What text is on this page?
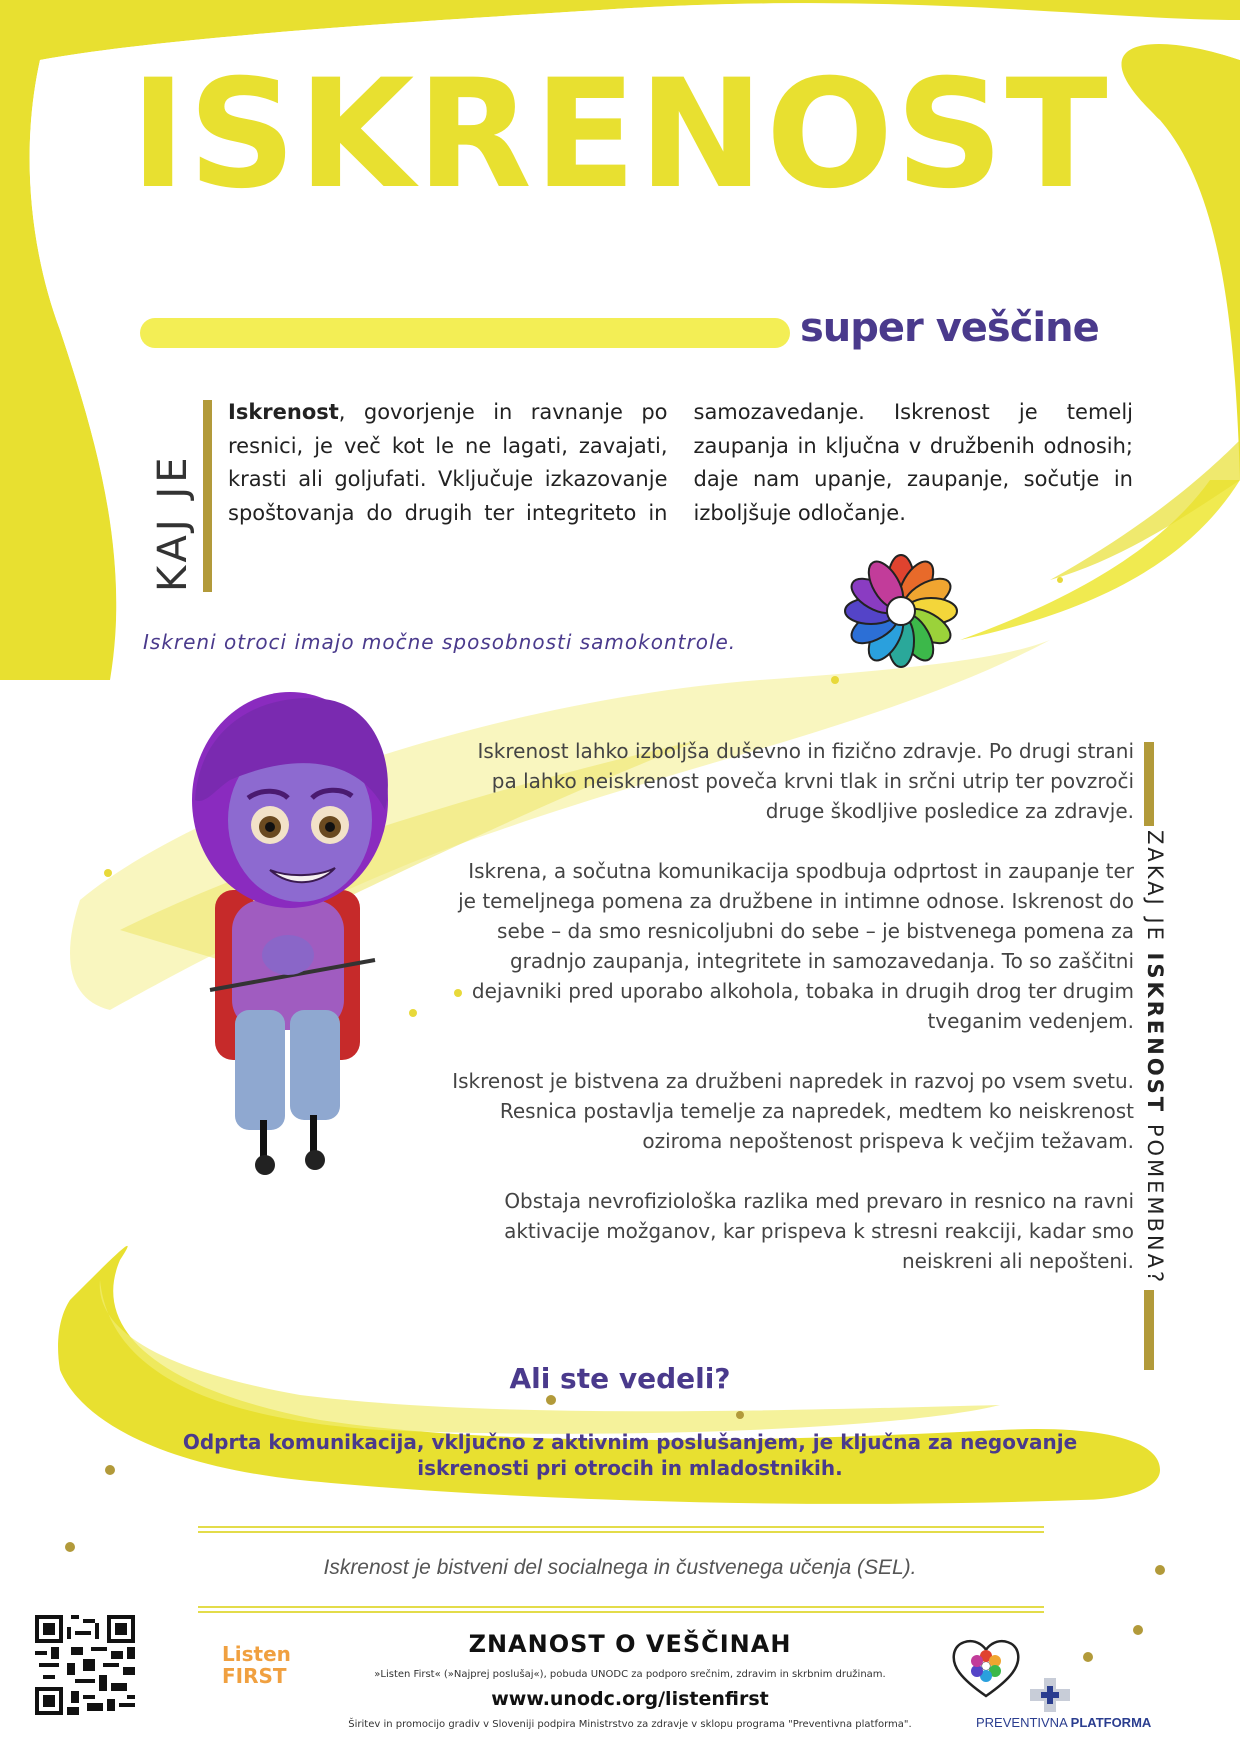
ISKRENOST
super veščine
KAJ JE
Iskrenost, govorjenje in ravnanje po resnici, je več kot le ne lagati, zavajati, krasti ali goljufati. Vključuje izkazovanje spoštovanja do drugih ter integriteto in samozavedanje. Iskrenost je temelj zaupanja in ključna v družbenih odnosih; daje nam upanje, zaupanje, sočutje in izboljšuje odločanje.
Iskreni otroci imajo močne sposobnosti samokontrole.

Iskrenost lahko izboljša duševno in fizično zdravje. Po drugi strani pa lahko neiskrenost poveča krvni tlak in srčni utrip ter povzroči druge škodljive posledice za zdravje.

Iskrena, a sočutna komunikacija spodbuja odprtost in zaupanje ter je temeljnega pomena za družbene in intimne odnose. Iskrenost do sebe – da smo resnicoljubni do sebe – je bistvenega pomena za gradnjo zaupanja, integritete in samozavedanja. To so zaščitni dejavniki pred uporabo alkohola, tobaka in drugih drog ter drugim tveganim vedenjem.

Iskrenost je bistvena za družbeni napredek in razvoj po vsem svetu. Resnica postavlja temelje za napredek, medtem ko neiskrenost oziroma nepoštenost prispeva k večjim težavam.

Obstaja nevrofiziološka razlika med prevaro in resnico na ravni aktivacije možganov, kar prispeva k stresni reakciji, kadar smo neiskreni ali nepošteni.

ZAKAJ JE ISKRENOST POMEMBNA?
Ali ste vedeli?
Odprta komunikacija, vključno z aktivnim poslušanjem, je ključna za negovanje iskrenosti pri otrocih in mladostnikih.
Iskrenost je bistveni del socialnega in čustvenega učenja (SEL).
Listen
FIRST
ZNANOST O VEŠČINAH
»Listen First« (»Najprej poslušaj«), pobuda UNODC za podporo srečnim, zdravim in skrbnim družinam.
www.unodc.org/listenfirst
Širitev in promocijo gradiv v Sloveniji podpira Ministrstvo za zdravje v sklopu programa "Preventivna platforma".	PREVENTIVNA PLATFORMA
